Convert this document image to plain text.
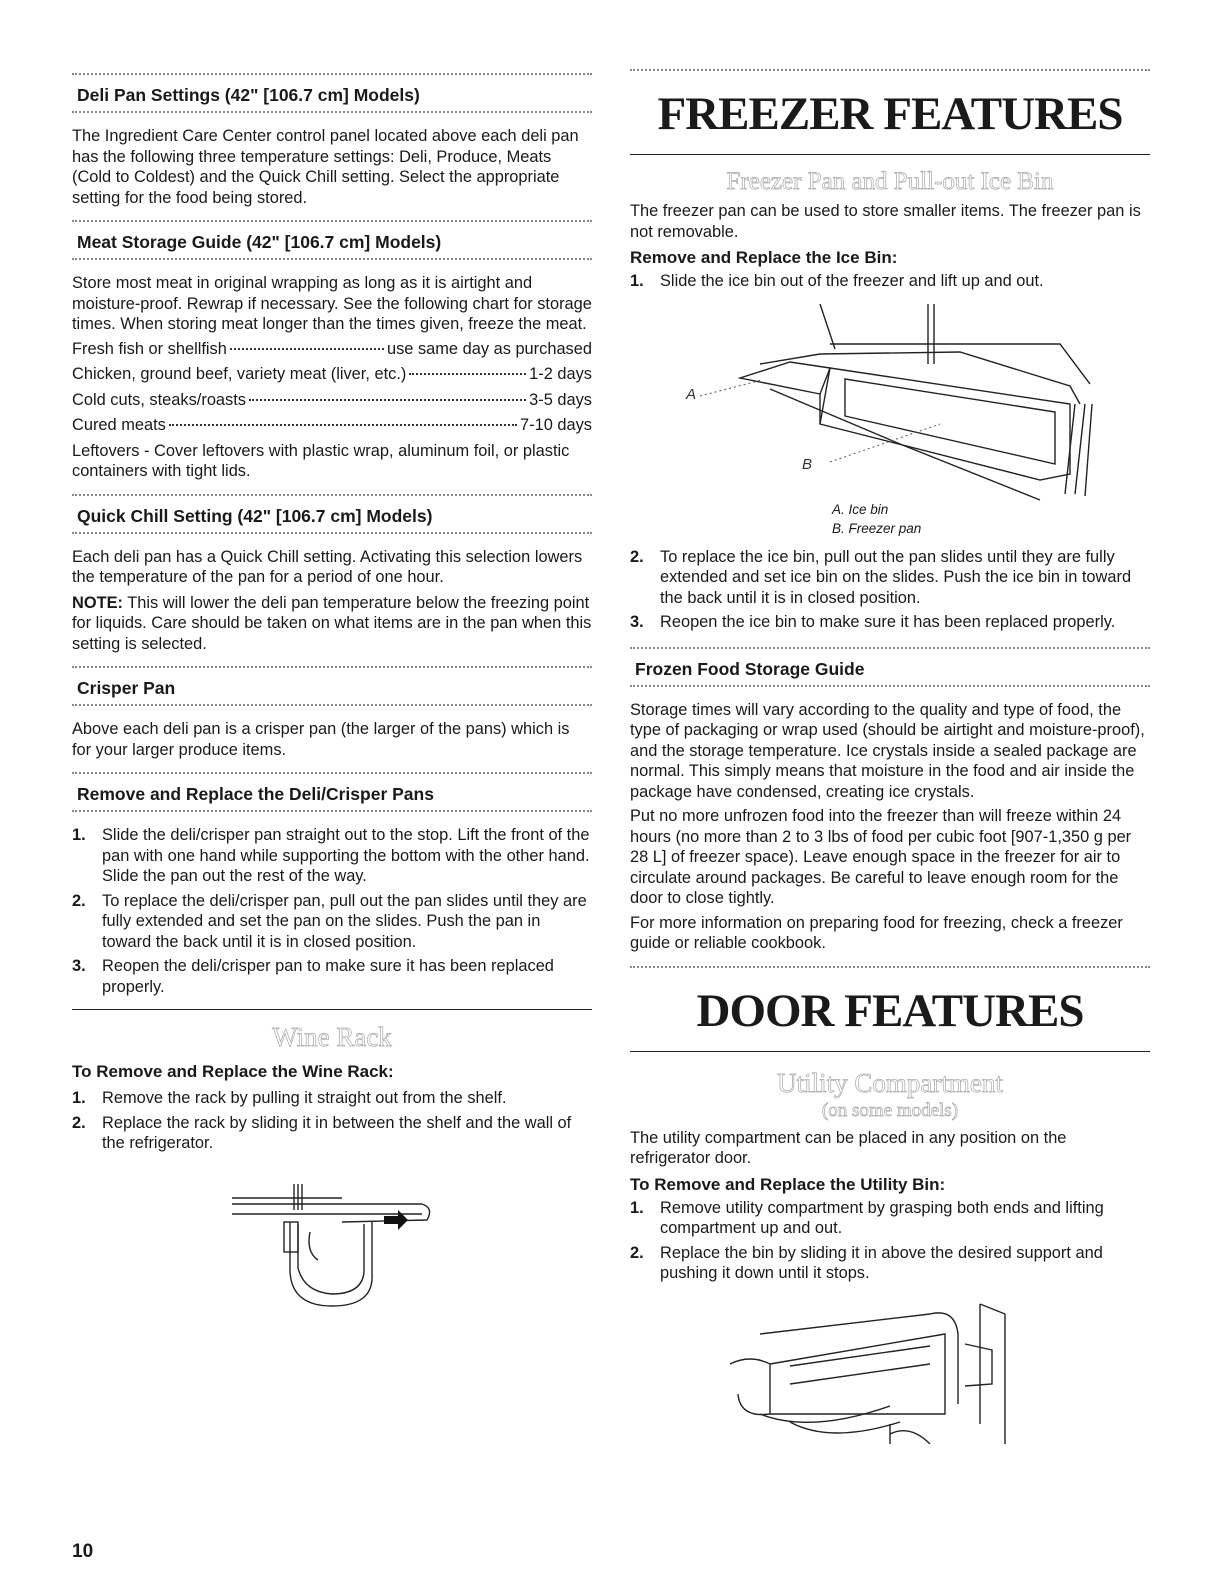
Deli Pan Settings (42" [106.7 cm] Models)

The Ingredient Care Center control panel located above each deli pan has the following three temperature settings: Deli, Produce, Meats (Cold to Coldest) and the Quick Chill setting. Select the appropriate setting for the food being stored.

Meat Storage Guide (42" [106.7 cm] Models)

Store most meat in original wrapping as long as it is airtight and moisture-proof. Rewrap if necessary. See the following chart for storage times. When storing meat longer than the times given, freeze the meat.

Fresh fish or shellfish	use same day as purchased
Chicken, ground beef, variety meat (liver, etc.)	1-2 days
Cold cuts, steaks/roasts	3-5 days
Cured meats	7-10 days

Leftovers - Cover leftovers with plastic wrap, aluminum foil, or plastic containers with tight lids.

Quick Chill Setting (42" [106.7 cm] Models)

Each deli pan has a Quick Chill setting. Activating this selection lowers the temperature of the pan for a period of one hour.

NOTE: This will lower the deli pan temperature below the freezing point for liquids. Care should be taken on what items are in the pan when this setting is selected.

Crisper Pan

Above each deli pan is a crisper pan (the larger of the pans) which is for your larger produce items.

Remove and Replace the Deli/Crisper Pans
1. Slide the deli/crisper pan straight out to the stop. Lift the front of the pan with one hand while supporting the bottom with the other hand. Slide the pan out the rest of the way.
2. To replace the deli/crisper pan, pull out the pan slides until they are fully extended and set the pan on the slides. Push the pan in toward the back until it is in closed position.
3. Reopen the deli/crisper pan to make sure it has been replaced properly.
Wine Rack
To Remove and Replace the Wine Rack:
1. Remove the rack by pulling it straight out from the shelf.
2. Replace the rack by sliding it in between the shelf and the wall of the refrigerator.
FREEZER FEATURES
Freezer Pan and Pull-out Ice Bin

The freezer pan can be used to store smaller items. The freezer pan is not removable.

Remove and Replace the Ice Bin:
1. Slide the ice bin out of the freezer and lift up and out.
A
B
A. Ice bin
B. Freezer pan
2. To replace the ice bin, pull out the pan slides until they are fully extended and set ice bin on the slides. Push the ice bin in toward the back until it is in closed position.
3. Reopen the ice bin to make sure it has been replaced properly.
Frozen Food Storage Guide

Storage times will vary according to the quality and type of food, the type of packaging or wrap used (should be airtight and moisture-proof), and the storage temperature. Ice crystals inside a sealed package are normal. This simply means that moisture in the food and air inside the package have condensed, creating ice crystals.

Put no more unfrozen food into the freezer than will freeze within 24 hours (no more than 2 to 3 lbs of food per cubic foot [907-1,350 g per 28 L] of freezer space). Leave enough space in the freezer for air to circulate around packages. Be careful to leave enough room for the door to close tightly.

For more information on preparing food for freezing, check a freezer guide or reliable cookbook.

DOOR FEATURES
Utility Compartment
(on some models)

The utility compartment can be placed in any position on the refrigerator door.

To Remove and Replace the Utility Bin:
1. Remove utility compartment by grasping both ends and lifting compartment up and out.
2. Replace the bin by sliding it in above the desired support and pushing it down until it stops.
10
